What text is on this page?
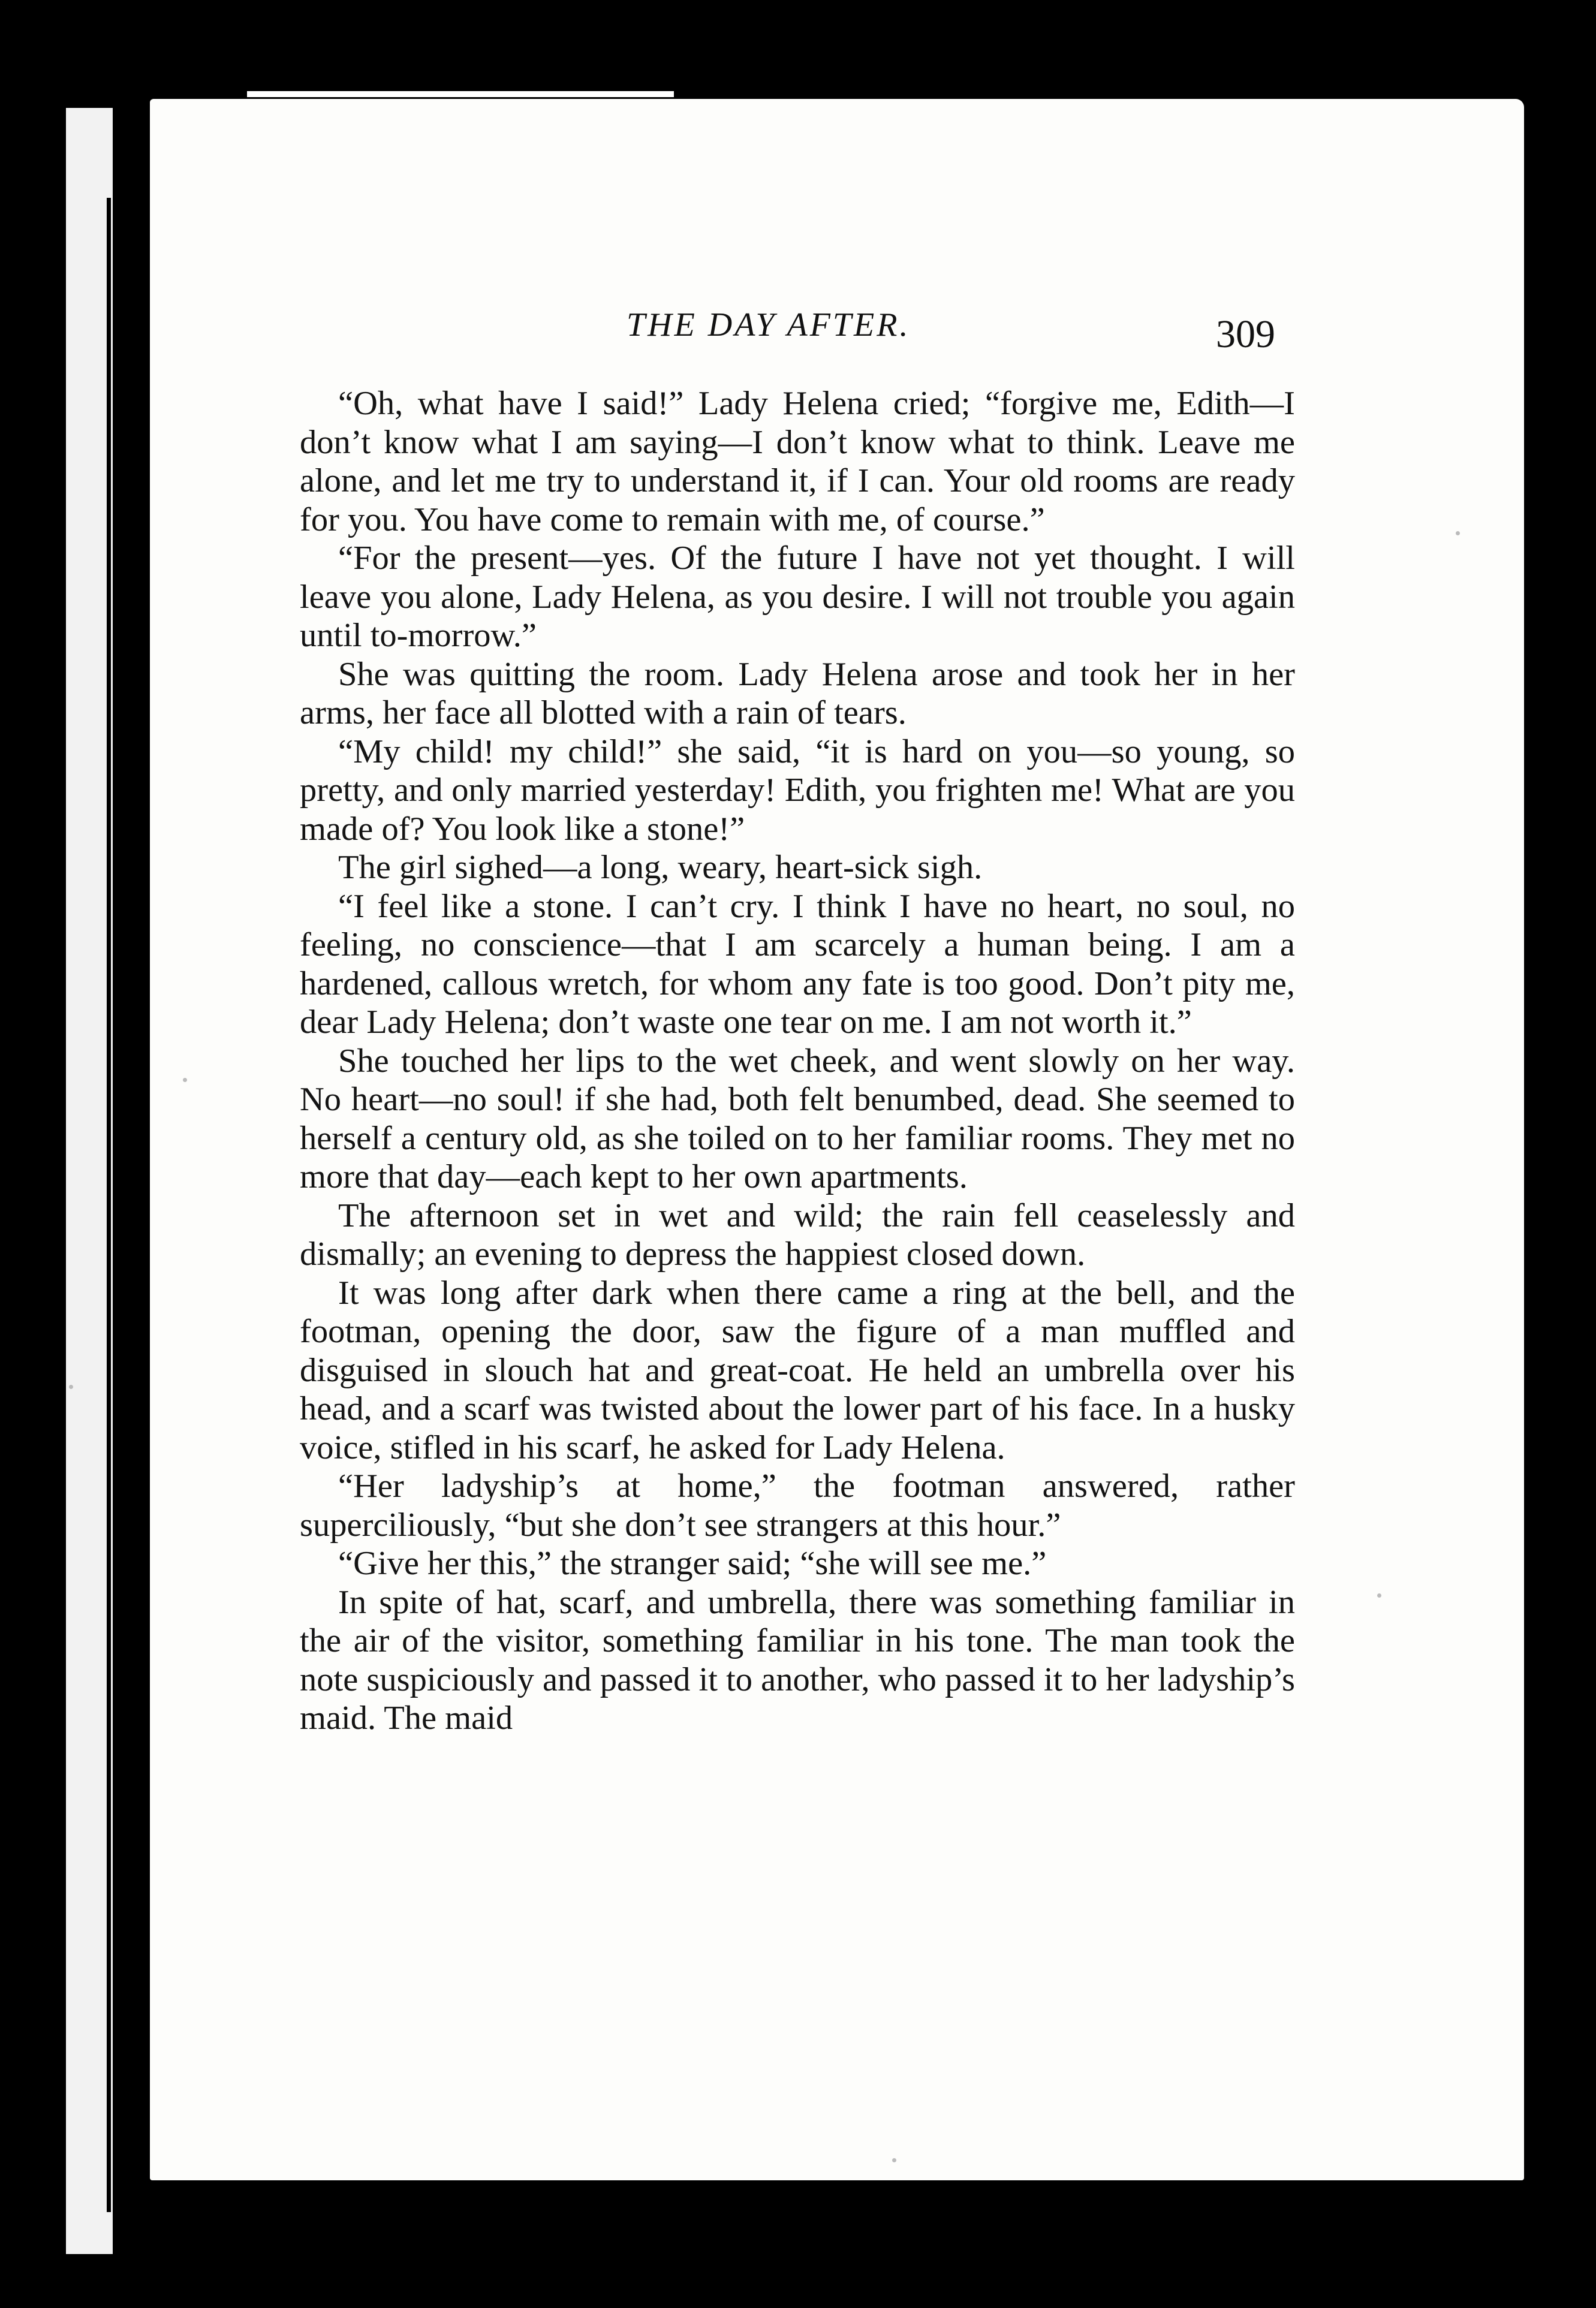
THE DAY AFTER.	309

“Oh, what have I said!” Lady Helena cried; “forgive me, Edith—I don’t know what I am saying—I don’t know what to think. Leave me alone, and let me try to understand it, if I can. Your old rooms are ready for you. You have come to remain with me, of course.”

“For the present—yes. Of the future I have not yet thought. I will leave you alone, Lady Helena, as you desire. I will not trouble you again until to-morrow.”

She was quitting the room. Lady Helena arose and took her in her arms, her face all blotted with a rain of tears.

“My child! my child!” she said, “it is hard on you—so young, so pretty, and only married yesterday! Edith, you frighten me! What are you made of? You look like a stone!”

The girl sighed—a long, weary, heart-sick sigh.

“I feel like a stone. I can’t cry. I think I have no heart, no soul, no feeling, no conscience—that I am scarcely a human being. I am a hardened, callous wretch, for whom any fate is too good. Don’t pity me, dear Lady Helena; don’t waste one tear on me. I am not worth it.”

She touched her lips to the wet cheek, and went slowly on her way. No heart—no soul! if she had, both felt benumbed, dead. She seemed to herself a century old, as she toiled on to her familiar rooms. They met no more that day—each kept to her own apartments.

The afternoon set in wet and wild; the rain fell ceaselessly and dismally; an evening to depress the happiest closed down.

It was long after dark when there came a ring at the bell, and the footman, opening the door, saw the figure of a man muffled and disguised in slouch hat and great-coat. He held an umbrella over his head, and a scarf was twisted about the lower part of his face. In a husky voice, stifled in his scarf, he asked for Lady Helena.

“Her ladyship’s at home,” the footman answered, rather superciliously, “but she don’t see strangers at this hour.”

“Give her this,” the stranger said; “she will see me.”

In spite of hat, scarf, and umbrella, there was something familiar in the air of the visitor, something familiar in his tone. The man took the note suspiciously and passed it to another, who passed it to her ladyship’s maid. The maid
